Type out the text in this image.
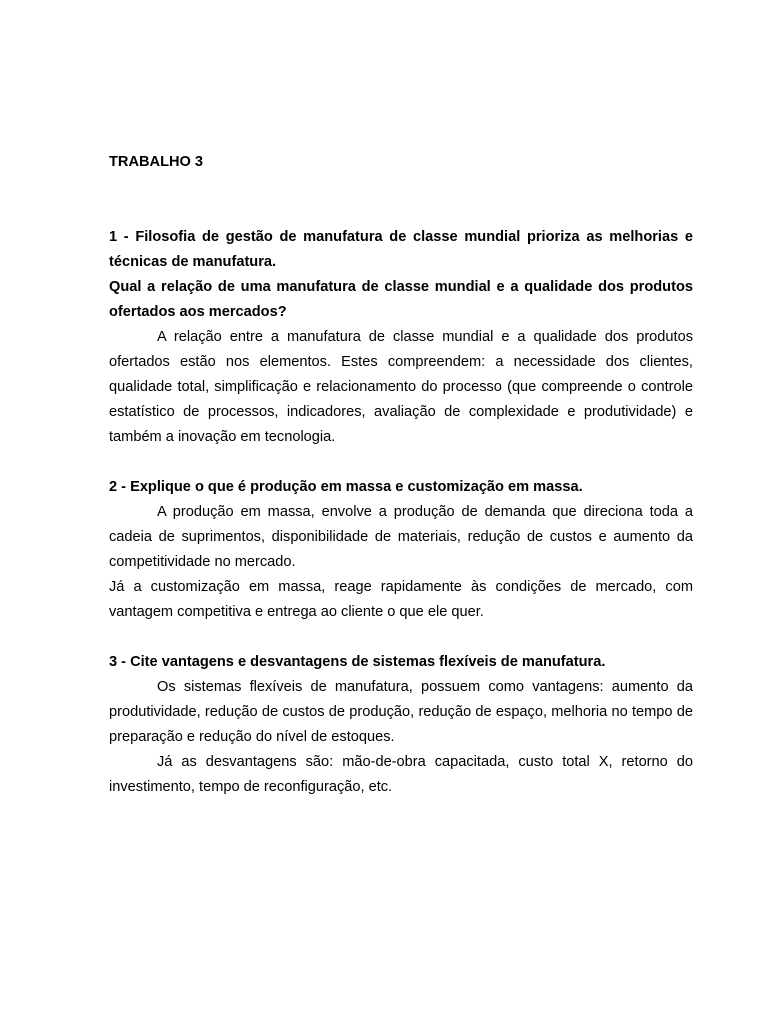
TRABALHO 3

1 - Filosofia de gestão de manufatura de classe mundial prioriza as melhorias e técnicas de manufatura.

Qual a relação de uma manufatura de classe mundial e a qualidade dos produtos ofertados aos mercados?

A relação entre a manufatura de classe mundial e a qualidade dos produtos ofertados estão nos elementos. Estes compreendem: a necessidade dos clientes, qualidade total, simplificação e relacionamento do processo (que compreende o controle estatístico de processos, indicadores, avaliação de complexidade e produtividade) e também a inovação em tecnologia.

2 - Explique o que é produção em massa e customização em massa.

A produção em massa, envolve a produção de demanda que direciona toda a cadeia de suprimentos, disponibilidade de materiais, redução de custos e aumento da competitividade no mercado.

Já a customização em massa, reage rapidamente às condições de mercado, com vantagem competitiva e entrega ao cliente o que ele quer.

3 - Cite vantagens e desvantagens de sistemas flexíveis de manufatura.

Os sistemas flexíveis de manufatura, possuem como vantagens: aumento da produtividade, redução de custos de produção, redução de espaço, melhoria no tempo de preparação e redução do nível de estoques.

Já as desvantagens são: mão-de-obra capacitada, custo total X, retorno do investimento, tempo de reconfiguração, etc.
